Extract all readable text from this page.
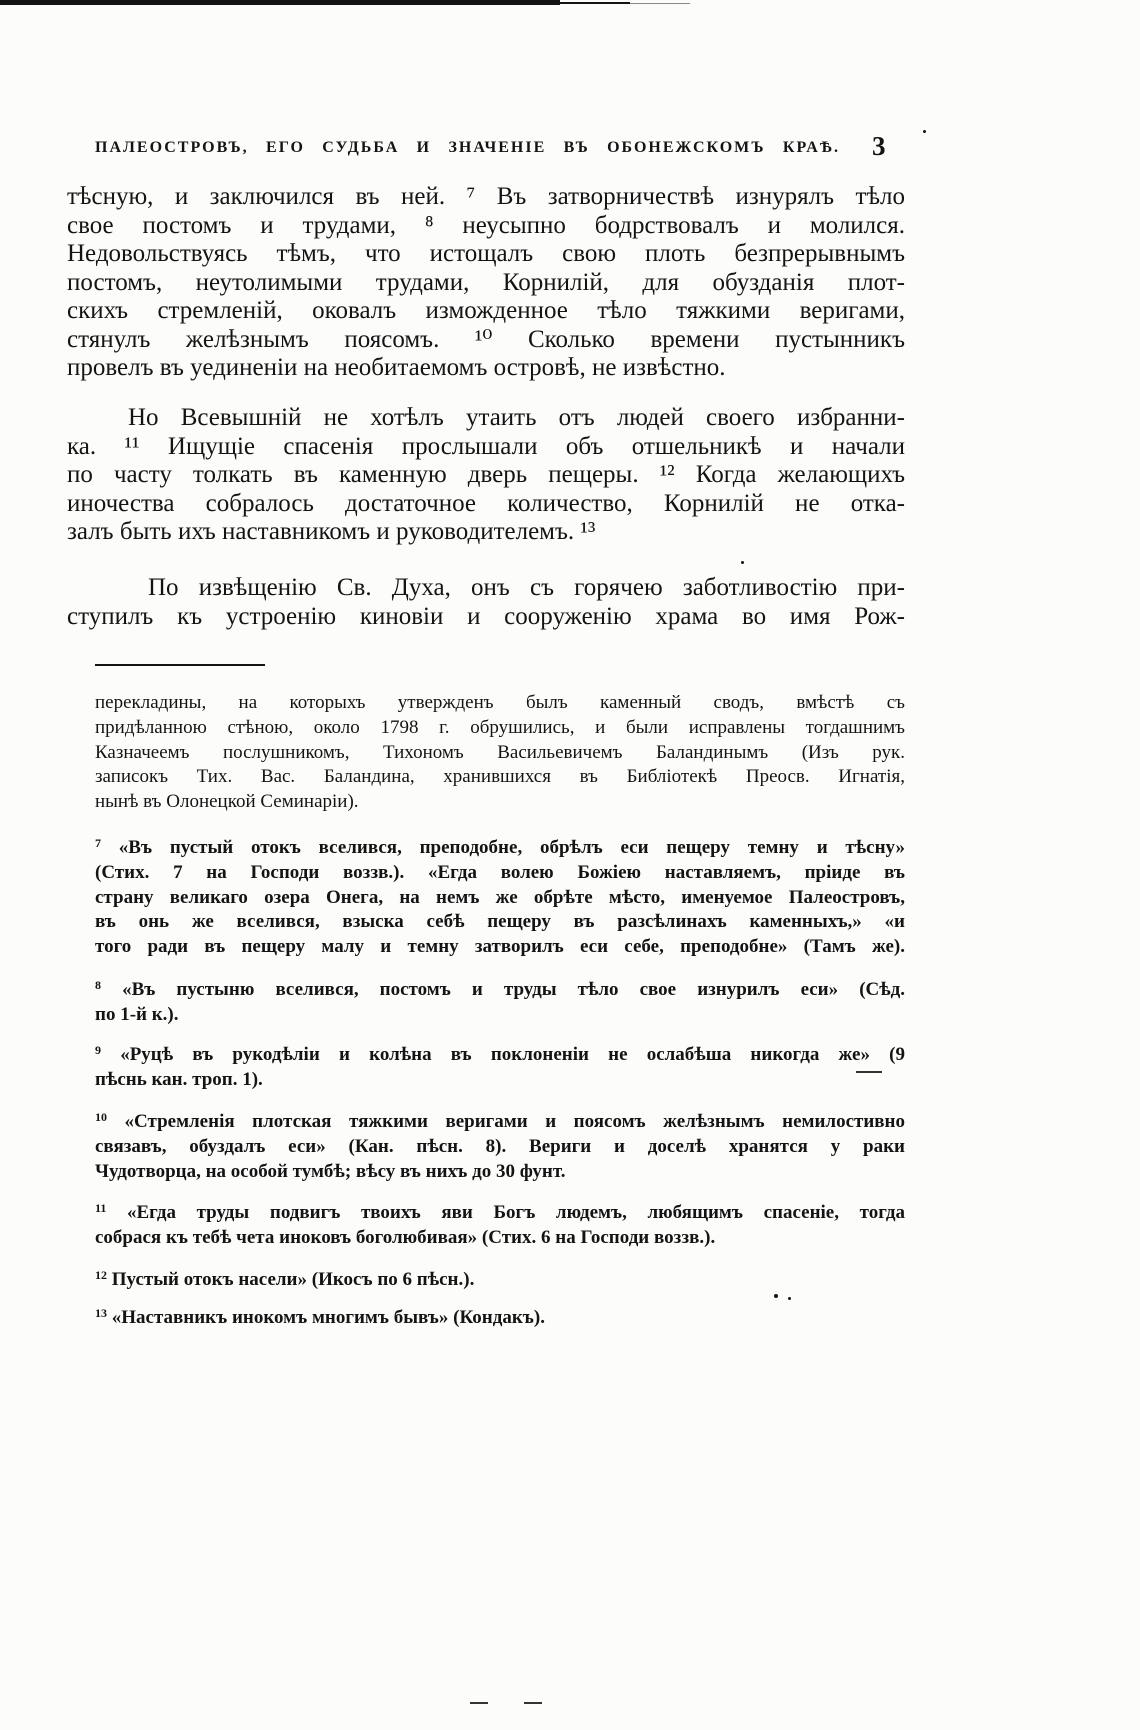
ПАЛЕОСТРОВЪ, ЕГО СУДЬБА И ЗНАЧЕНІЕ ВЪ ОБОНЕЖСКОМЪ КРАѢ. 3
тѣсную, и заключился въ ней. ⁷ Въ затворничествѣ изнурялъ тѣло
свое постомъ и трудами, ⁸ неусыпно бодрствовалъ и молился.
Недовольствуясь тѣмъ, что истощалъ свою плоть безпрерывнымъ
постомъ, неутолимыми трудами, Корнилій, для обузданія плот-
скихъ стремленій, оковалъ изможденное тѣло тяжкими веригами,
стянулъ желѣзнымъ поясомъ. ¹⁰ Сколько времени пустынникъ
провелъ въ уединеніи на необитаемомъ островѣ, не извѣстно.
Но Всевышній не хотѣлъ утаить отъ людей своего избранни-
ка. ¹¹ Ищущіе спасенія прослышали объ отшельникѣ и начали
по часту толкать въ каменную дверь пещеры. ¹² Когда желающихъ
иночества собралось достаточное количество, Корнилій не отка-
залъ быть ихъ наставникомъ и руководителемъ. ¹³
По извѣщенію Св. Духа, онъ съ горячею заботливостію при-
ступилъ къ устроенію киновіи и сооруженію храма во имя Рож-
перекладины, на которыхъ утвержденъ былъ каменный сводъ, вмѣстѣ съ
придѣланною стѣною, около 1798 г. обрушились, и были исправлены тогдашнимъ
Казначеемъ послушникомъ, Тихономъ Васильевичемъ Баландинымъ (Изъ рук.
записокъ Тих. Вас. Баландина, хранившихся въ Библіотекѣ Преосв. Игнатія,
нынѣ въ Олонецкой Семинаріи).
$^7$ «Въ пустый отокъ вселився, преподобне, обрѣлъ еси пещеру темну и тѣсну»
(Стих. 7 на Господи воззв.). «Егда волею Божіею наставляемъ, пріиде въ
страну великаго озера Онега, на немъ же обрѣте мѣсто, именуемое Палеостровъ,
въ онь же вселився, взыска себѣ пещеру въ разсѣлинахъ каменныхъ,» «и
того ради въ пещеру малу и темну затворилъ еси себе, преподобне» (Тамъ же).
$^8$ «Въ пустыню вселився, постомъ и труды тѣло свое изнурилъ еси» (Сѣд.
по 1-й к.).
$^9$ «Руцѣ въ рукодѣліи и колѣна въ поклоненіи не ослабѣша никогда же» (9
пѣснь кан. троп. 1).
$^{10}$ «Стремленія плотская тяжкими веригами и поясомъ желѣзнымъ немилостивно
связавъ, обуздалъ еси» (Кан. пѣсн. 8). Вериги и доселѣ хранятся у раки
Чудотворца, на особой тумбѣ; вѣсу въ нихъ до 30 фунт.
$^{11}$ «Егда труды подвигъ твоихъ яви Богъ людемъ, любящимъ спасеніе, тогда
собрася къ тебѣ чета иноковъ боголюбивая» (Стих. 6 на Господи воззв.).
$^{12}$ Пустый отокъ насели» (Икосъ по 6 пѣсн.).
$^{13}$ «Наставникъ инокомъ многимъ бывъ» (Кондакъ).
